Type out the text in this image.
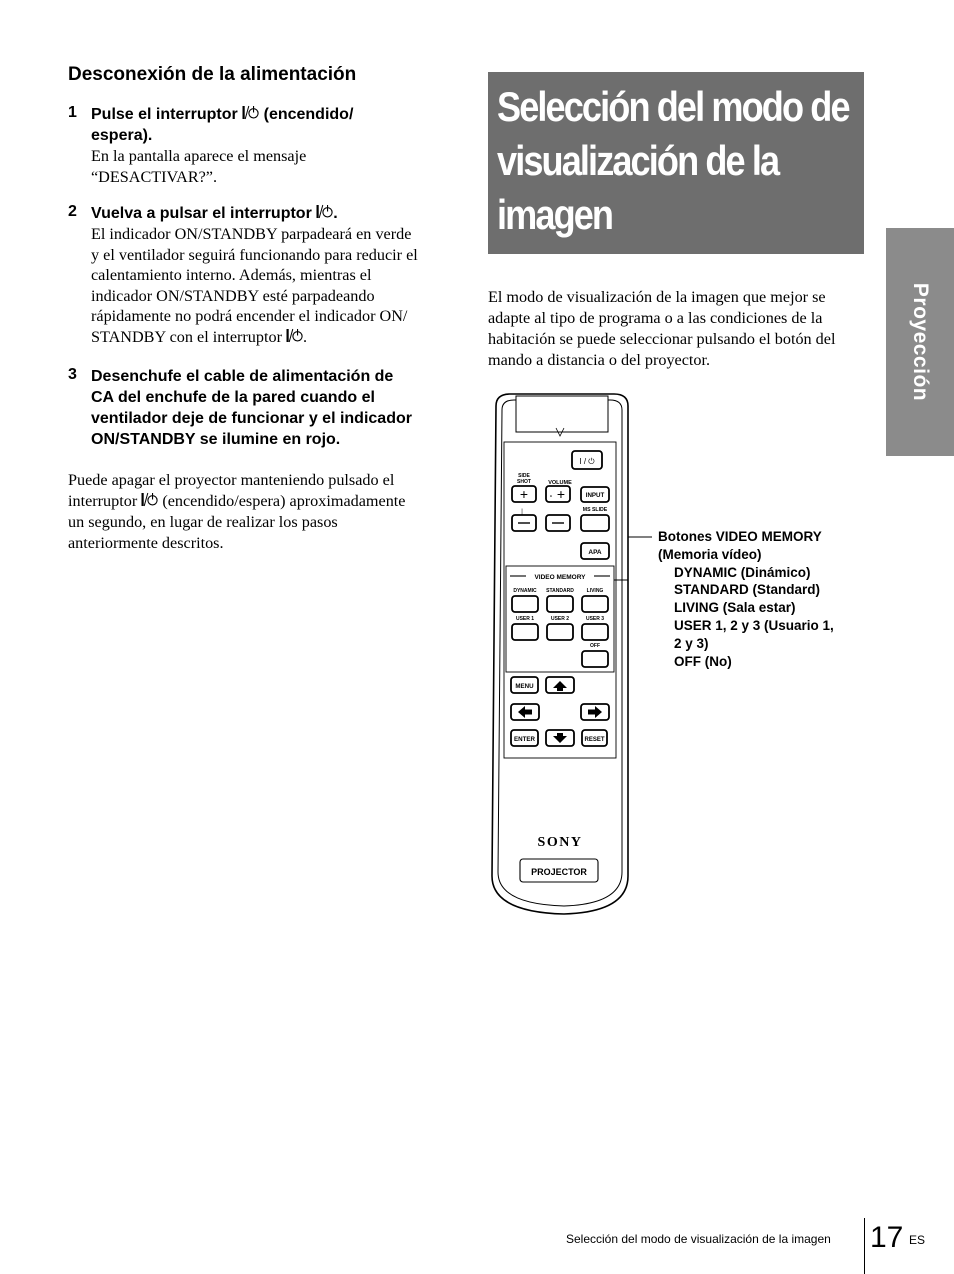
Desconexión de la alimentación
1 Pulse el interruptor (encendido/
espera).
En la pantalla aparece el mensaje
“DESACTIVAR?”.
2 Vuelva a pulsar el interruptor .
El indicador ON/STANDBY parpadeará en verde
y el ventilador seguirá funcionando para reducir el
calentamiento interno. Además, mientras el
indicador ON/STANDBY esté parpadeando
rápidamente no podrá encender el indicador ON/
STANDBY con el interruptor .
3 Desenchufe el cable de alimentación de
CA del enchufe de la pared cuando el
ventilador deje de funcionar y el indicador
ON/STANDBY se ilumine en rojo.
Puede apagar el proyector manteniendo pulsado el
interruptor (encendido/espera) aproximadamente
un segundo, en lugar de realizar los pasos
anteriormente descritos.
Selección del modo de
visualización de la
imagen
El modo de visualización de la imagen que mejor se
adapte al tipo de programa o a las condiciones de la
habitación se puede seleccionar pulsando el botón del
mando a distancia o del proyector.	Proyección
I / ⏻
SIDE
SHOT	VOLUME
+ +
∘	INPUT
MS SLIDE
|
APA
VIDEO MEMORY
DYNAMIC STANDARD	LIVING
USER 1	USER 2	USER 3
OFF
MENU
ENTER	RESET
SONY
PROJECTOR
Botones VIDEO MEMORY
(Memoria vídeo)
DYNAMIC (Dinámico)
STANDARD (Standard)
LIVING (Sala estar)
USER 1, 2 y 3 (Usuario 1,
2 y 3)
OFF (No)
Selección del modo de visualización de la imagen 17 ES
